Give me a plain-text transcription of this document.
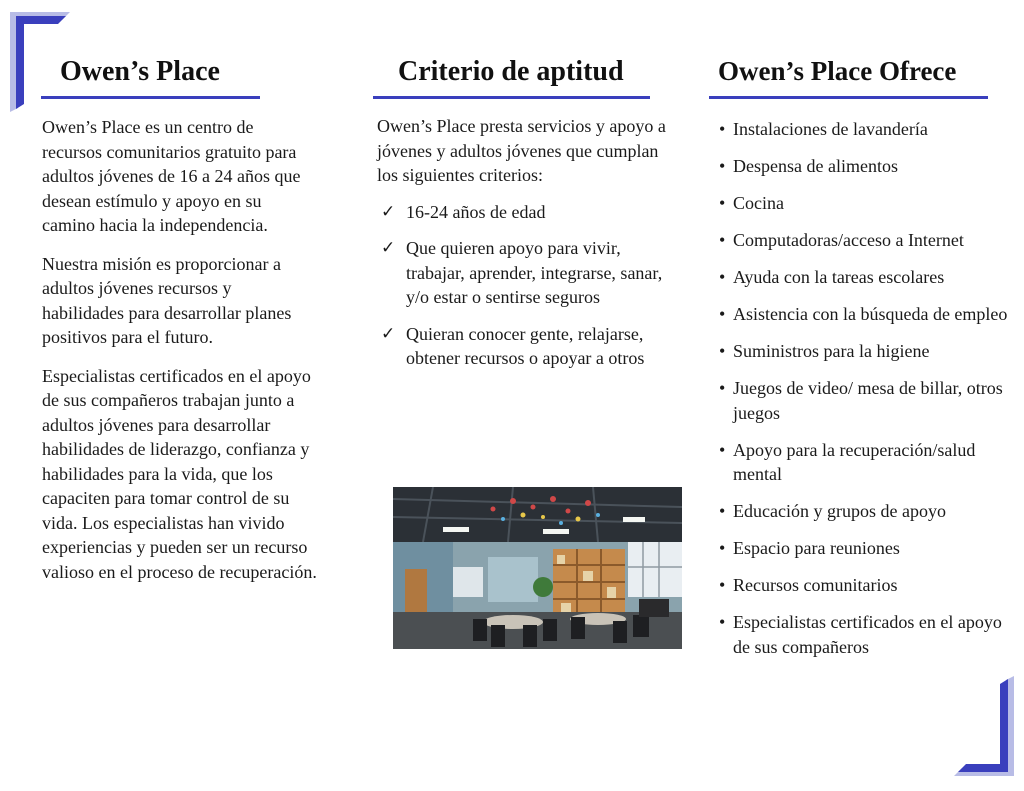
Owen’s Place

Owen’s Place es un centro de recursos comunitarios gratuito para adultos jóvenes de 16 a 24 años que desean estímulo y apoyo en su camino hacia la independencia.

Nuestra misión es proporcionar a adultos jóvenes recursos y habilidades para desarrollar planes positivos para el futuro.

Especialistas certificados en el apoyo de sus compañeros trabajan junto a adultos jóvenes para desarrollar habilidades de liderazgo, confianza y habilidades para la vida, que los capaciten para tomar control de su vida. Los especialistas han vivido experiencias y pueden ser un recurso valioso en el proceso de recuperación.

Criterio de aptitud

Owen’s Place presta servicios y apoyo a jóvenes y adultos jóvenes que cumplan los siguientes criterios:

✓ 16-24 años de edad
✓ Que quieren apoyo para vivir, trabajar, aprender, integrarse, sanar, y/o estar o sentirse seguros
✓ Quieran conocer gente, relajarse, obtener recursos o apoyar a otros
Owen’s Place Ofrece
• Instalaciones de lavandería
• Despensa de alimentos
• Cocina
• Computadoras/acceso a Internet
• Ayuda con la tareas escolares
• Asistencia con la búsqueda de empleo
• Suministros para la higiene
• Juegos de video/ mesa de billar, otros juegos
• Apoyo para la recuperación/salud mental
• Educación y grupos de apoyo
• Espacio para reuniones
• Recursos comunitarios
• Especialistas certificados en el apoyo de sus compañeros
